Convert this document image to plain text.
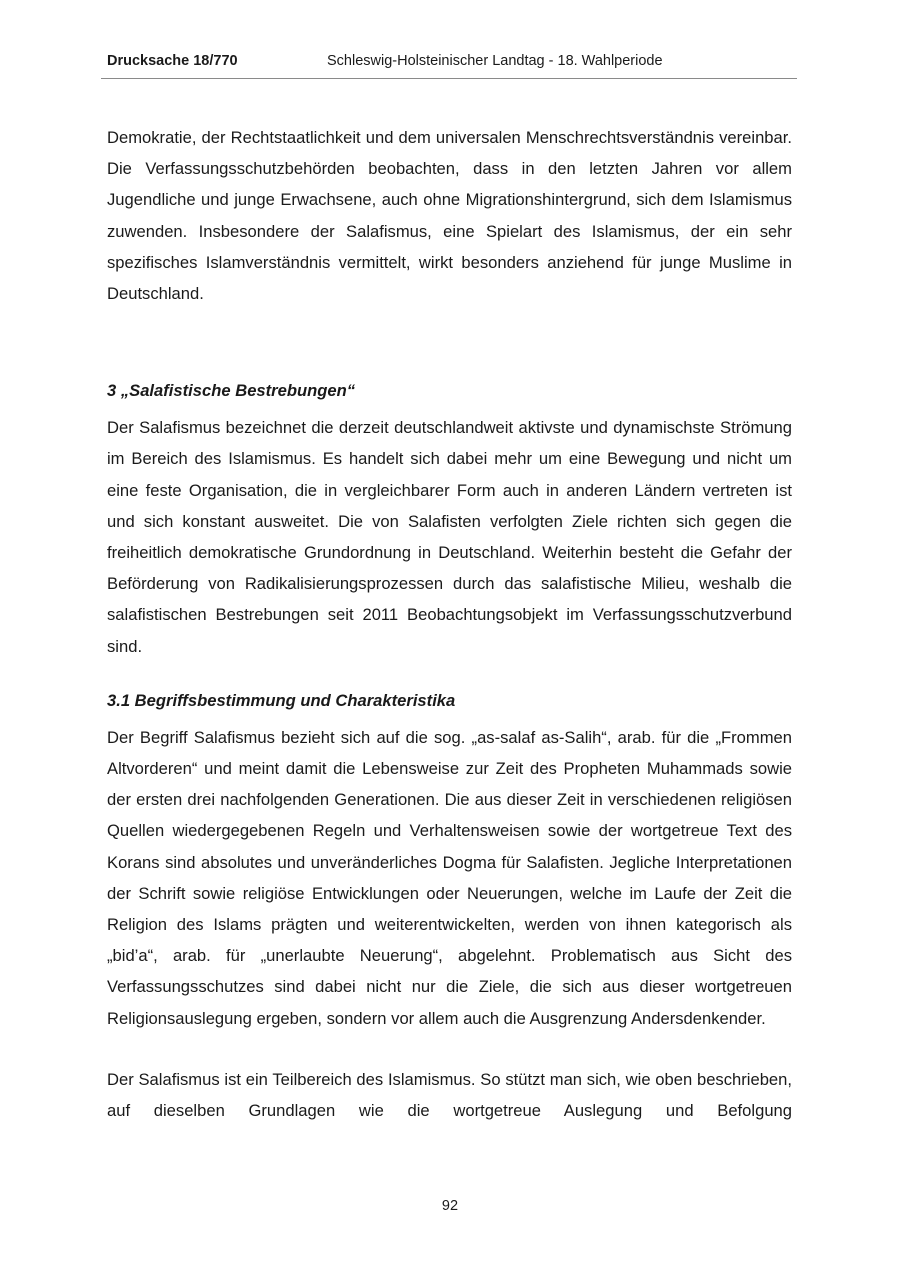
Drucksache 18/770	Schleswig-Holsteinischer Landtag - 18. Wahlperiode

Demokratie, der Rechtstaatlichkeit und dem universalen Menschrechtsverständnis vereinbar. Die Verfassungsschutzbehörden beobachten, dass in den letzten Jahren vor allem Jugendliche und junge Erwachsene, auch ohne Migrationshintergrund, sich dem Islamismus zuwenden. Insbesondere der Salafismus, eine Spielart des Islamismus, der ein sehr spezifisches Islamverständnis vermittelt, wirkt besonders anziehend für junge Muslime in Deutschland.

3 „Salafistische Bestrebungen“

Der Salafismus bezeichnet die derzeit deutschlandweit aktivste und dynamischste Strömung im Bereich des Islamismus. Es handelt sich dabei mehr um eine Bewegung und nicht um eine feste Organisation, die in vergleichbarer Form auch in anderen Ländern vertreten ist und sich konstant ausweitet. Die von Salafisten verfolgten Ziele richten sich gegen die freiheitlich demokratische Grundordnung in Deutschland. Weiterhin besteht die Gefahr der Beförderung von Radikalisierungsprozessen durch das salafistische Milieu, weshalb die salafistischen Bestrebungen seit 2011 Beobachtungsobjekt im Verfassungsschutzverbund sind.

3.1 Begriffsbestimmung und Charakteristika

Der Begriff Salafismus bezieht sich auf die sog. „as-salaf as-Salih“, arab. für die „Frommen Altvorderen“ und meint damit die Lebensweise zur Zeit des Propheten Muhammads sowie der ersten drei nachfolgenden Generationen. Die aus dieser Zeit in verschiedenen religiösen Quellen wiedergegebenen Regeln und Verhaltensweisen sowie der wortgetreue Text des Korans sind absolutes und unveränderliches Dogma für Salafisten. Jegliche Interpretationen der Schrift sowie religiöse Entwicklungen oder Neuerungen, welche im Laufe der Zeit die Religion des Islams prägten und weiterentwickelten, werden von ihnen kategorisch als „bid’a“, arab. für „unerlaubte Neuerung“, abgelehnt. Problematisch aus Sicht des Verfassungsschutzes sind dabei nicht nur die Ziele, die sich aus dieser wortgetreuen Religionsauslegung ergeben, sondern vor allem auch die Ausgrenzung Andersdenkender.

Der Salafismus ist ein Teilbereich des Islamismus. So stützt man sich, wie oben beschrieben, auf dieselben Grundlagen wie die wortgetreue Auslegung und Befolgung

92
